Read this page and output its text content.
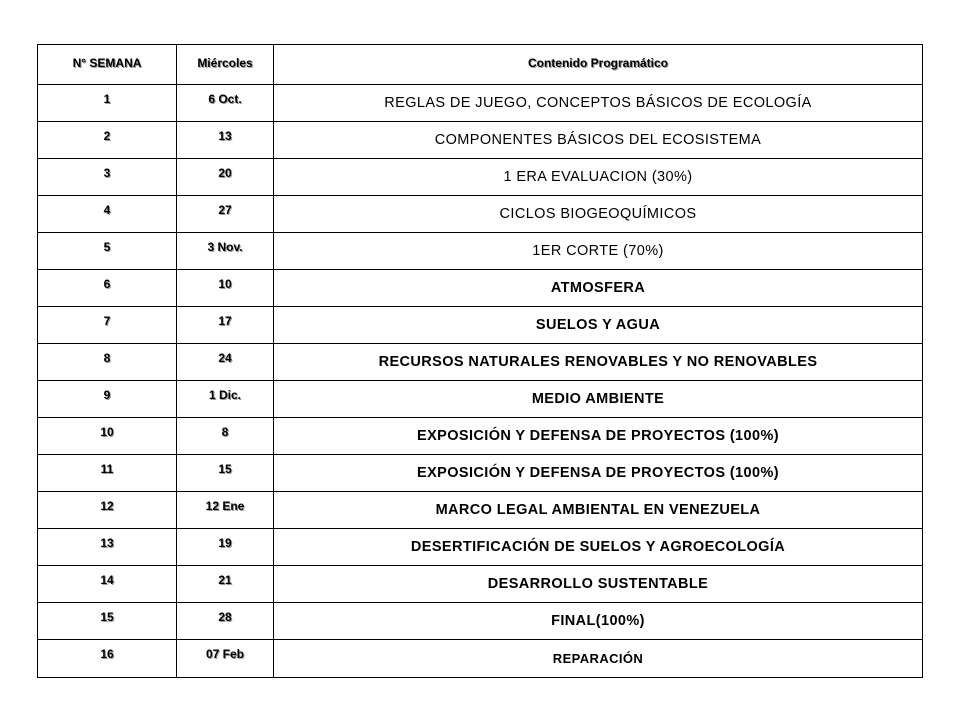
N° SEMANA	Miércoles	Contenido Programático

1	6 Oct.	REGLAS DE JUEGO, CONCEPTOS BÁSICOS DE ECOLOGÍA

2	13	COMPONENTES BÁSICOS DEL ECOSISTEMA

3	20	1 ERA EVALUACION (30%)

4	27	CICLOS BIOGEOQUÍMICOS

5	3 Nov.	1ER CORTE (70%)

6	10	ATMOSFERA

7	17	SUELOS Y AGUA

8	24	RECURSOS NATURALES RENOVABLES Y NO RENOVABLES

9	1 Dic.	MEDIO AMBIENTE

10	8	EXPOSICIÓN Y DEFENSA DE PROYECTOS (100%)

11	15	EXPOSICIÓN Y DEFENSA DE PROYECTOS (100%)

12	12 Ene	MARCO LEGAL AMBIENTAL EN VENEZUELA

13	19	DESERTIFICACIÓN DE SUELOS Y AGROECOLOGÍA

14	21	DESARROLLO SUSTENTABLE

15	28	FINAL(100%)

16	07 Feb	REPARACIÓN
